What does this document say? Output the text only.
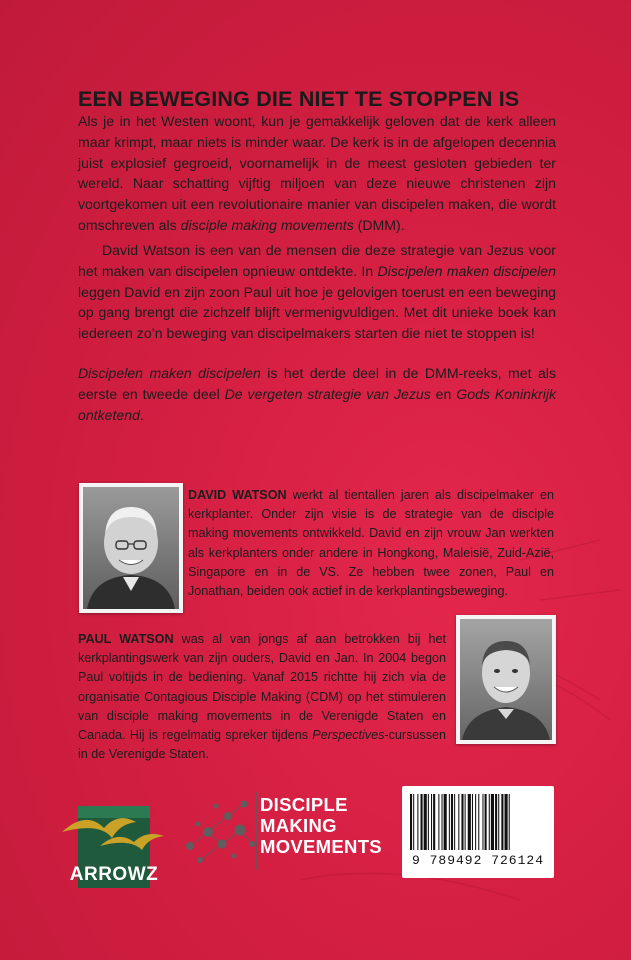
EEN BEWEGING DIE NIET TE STOPPEN IS

Als je in het Westen woont, kun je gemakkelijk geloven dat de kerk alleen maar krimpt, maar niets is minder waar. De kerk is in de afgelopen decennia juist explosief gegroeid, voornamelijk in de meest gesloten gebieden ter wereld. Naar schatting vijftig miljoen van deze nieuwe christenen zijn voortgekomen uit een revolutionaire manier van discipelen maken, die wordt omschreven als disciple making movements (DMM).

David Watson is een van de mensen die deze strategie van Jezus voor het maken van discipelen opnieuw ontdekte. In Discipelen maken discipelen leggen David en zijn zoon Paul uit hoe je gelovigen toerust en een beweging op gang brengt die zichzelf blijft vermenigvuldigen. Met dit unieke boek kan iedereen zo’n beweging van discipelmakers starten die niet te stoppen is!

Discipelen maken discipelen is het derde deel in de DMM-reeks, met als eerste en tweede deel De vergeten strategie van Jezus en Gods Koninkrijk ontketend.

DAVID WATSON werkt al tientallen jaren als discipelmaker en kerkplanter. Onder zijn visie is de strategie van de disciple making movements ontwikkeld. David en zijn vrouw Jan werkten als kerkplanters onder andere in Hongkong, Maleisië, Zuid-Azië, Singapore en in de VS. Ze hebben twee zonen, Paul en Jonathan, beiden ook actief in de kerkplantingsbeweging.

PAUL WATSON was al van jongs af aan betrokken bij het kerkplantingswerk van zijn ouders, David en Jan. In 2004 begon Paul voltijds in de bediening. Vanaf 2015 richtte hij zich via de organisatie Contagious Disciple Making (CDM) op het stimuleren van disciple making movements in de Verenigde Staten en Canada. Hij is regelmatig spreker tijdens Perspectives-cursussen in de Verenigde Staten.

ARROWZ
DISCIPLE
MAKING
MOVEMENTS
9 789492 726124
